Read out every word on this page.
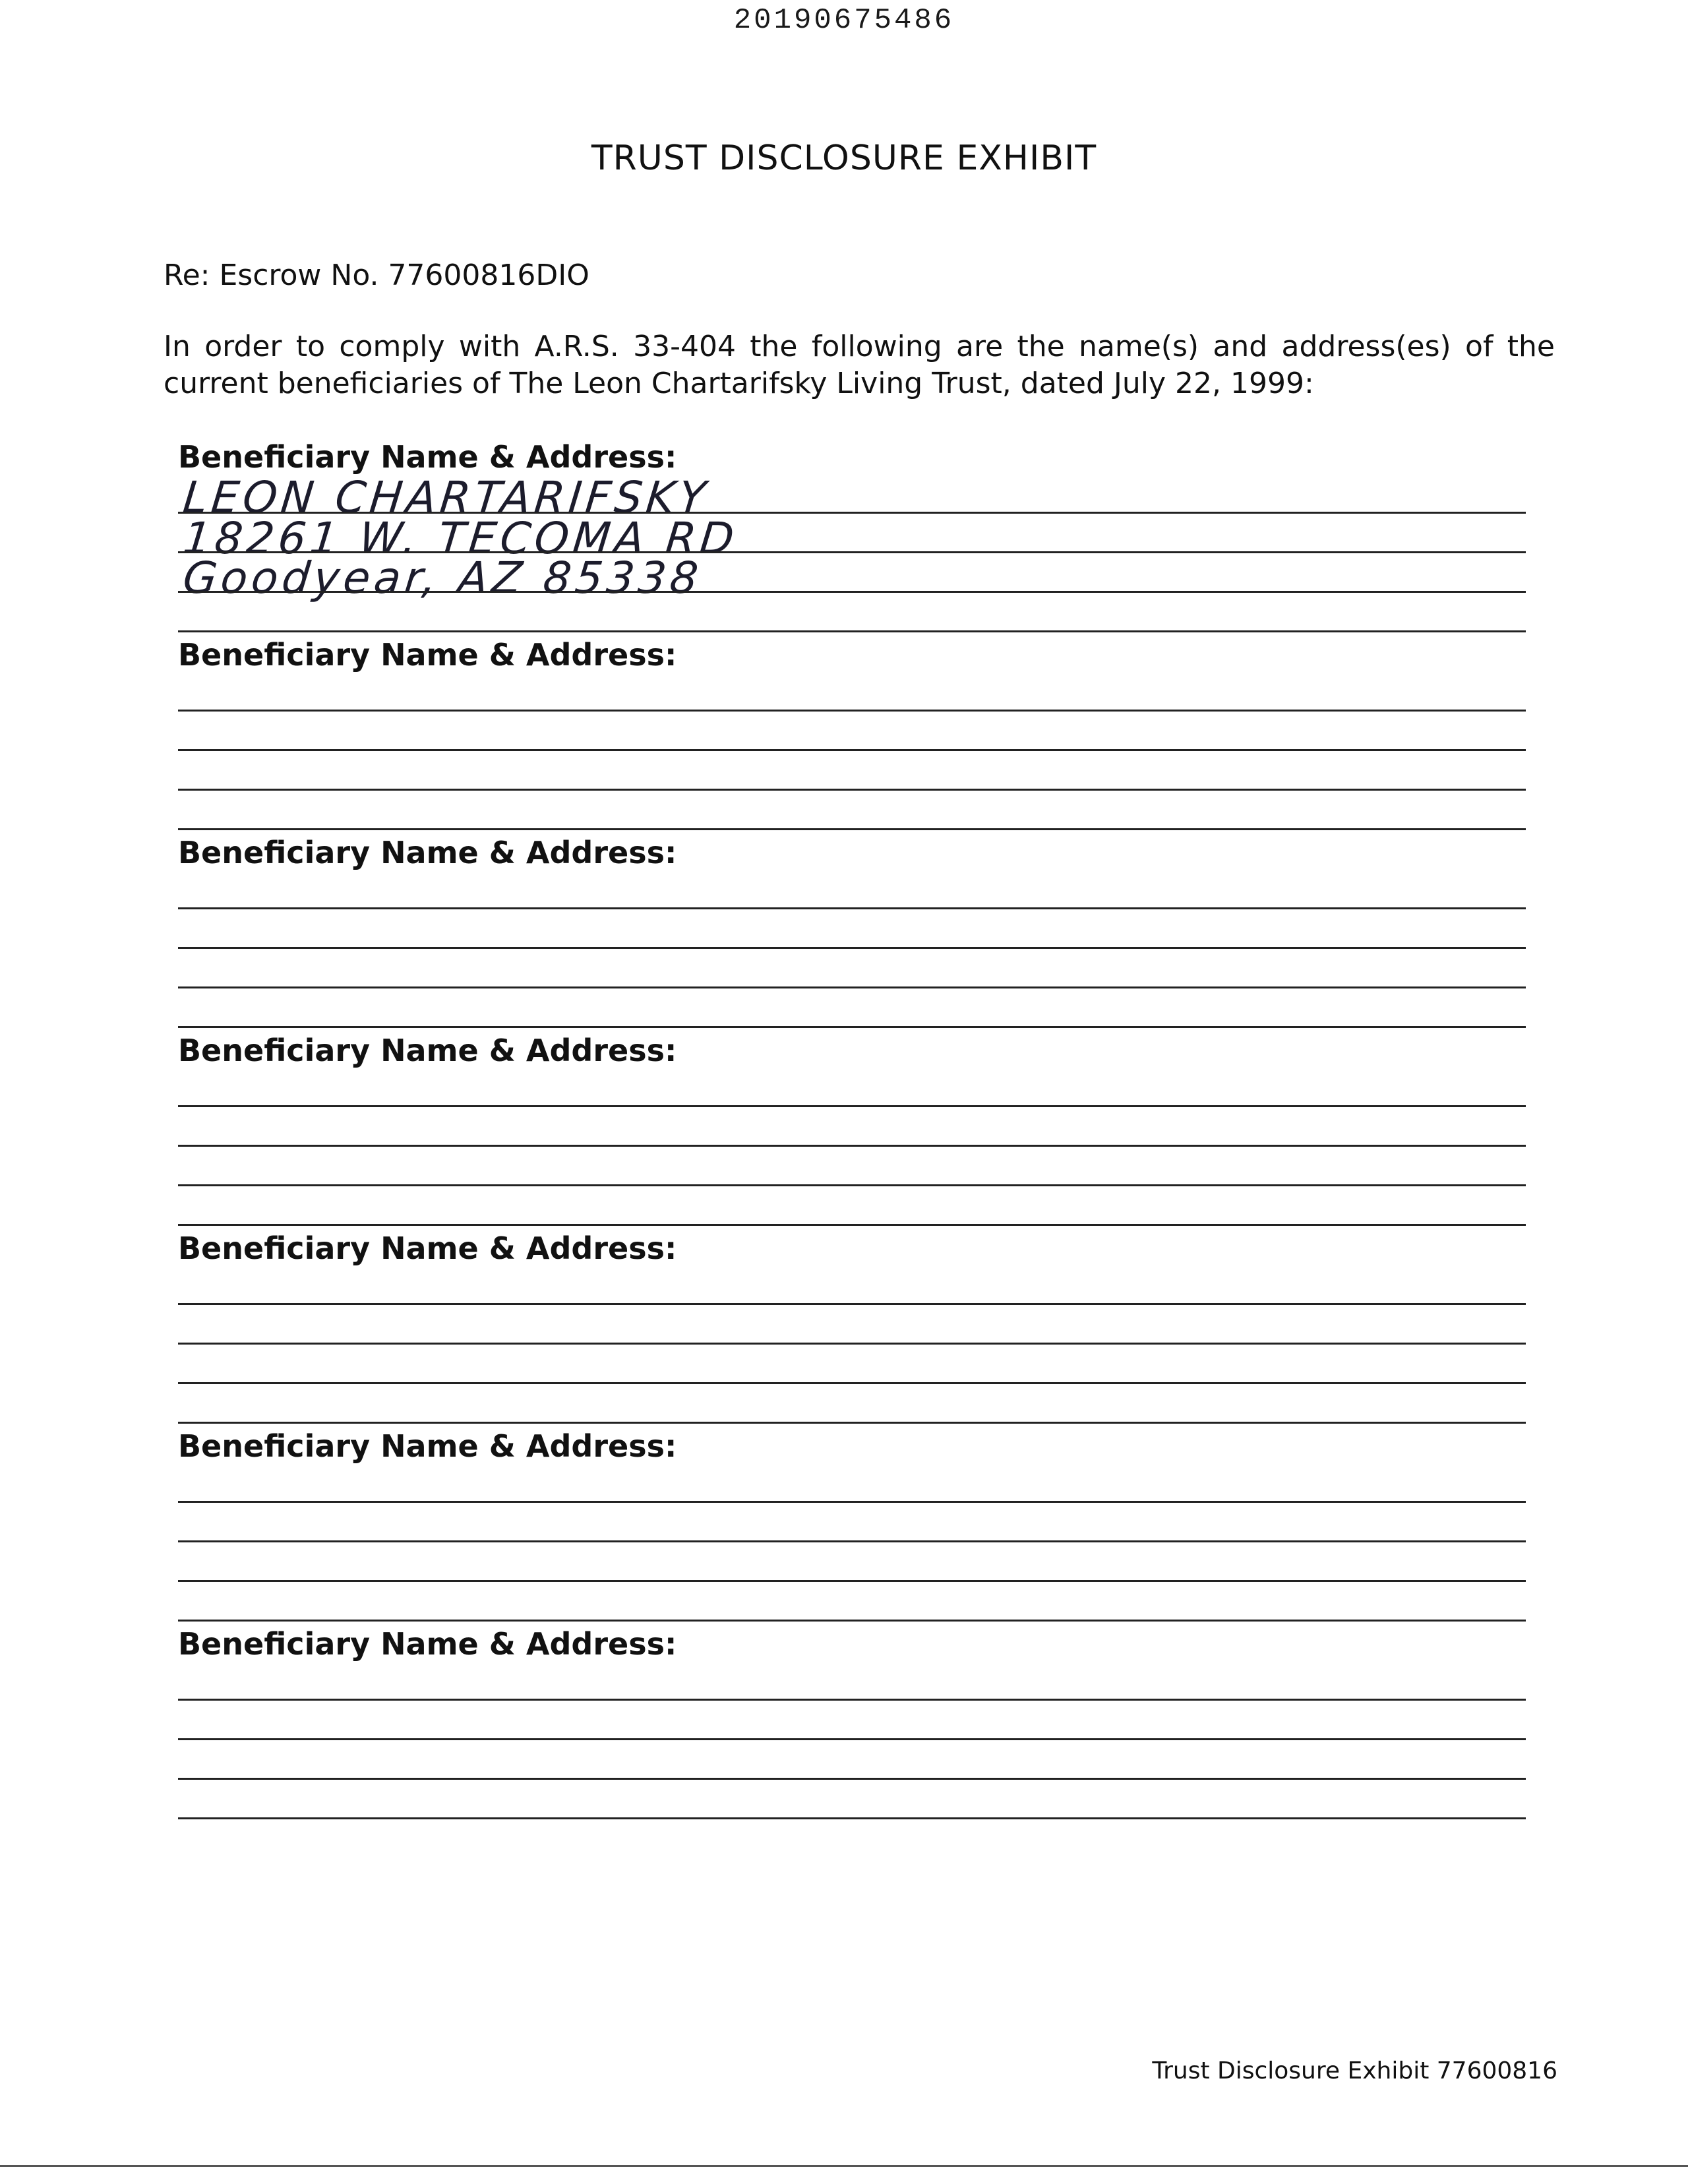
20190675486
TRUST DISCLOSURE EXHIBIT
Re: Escrow No. 77600816DIO
In order to comply with A.R.S. 33-404 the following are the name(s) and address(es) of the current beneficiaries of The Leon Chartarifsky Living Trust, dated July 22, 1999:
Beneficiary Name & Address:
LEON CHARTARIFSKY
18261 W. TECOMA RD
Goodyear, AZ 85338
Beneficiary Name & Address:
Beneficiary Name & Address:
Beneficiary Name & Address:
Beneficiary Name & Address:
Beneficiary Name & Address:
Beneficiary Name & Address:
Trust Disclosure Exhibit 77600816
